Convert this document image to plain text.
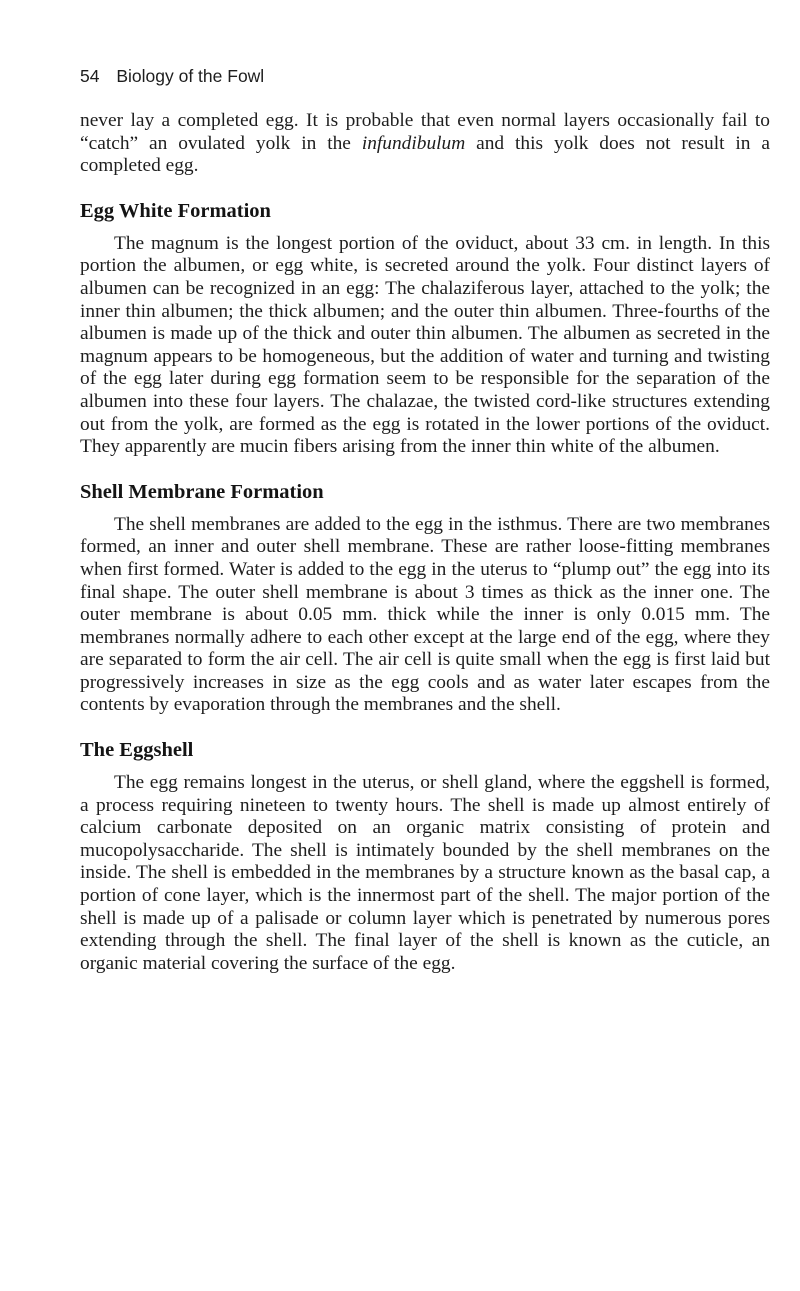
54 Biology of the Fowl

never lay a completed egg. It is probable that even normal layers occasionally fail to “catch” an ovulated yolk in the infundibulum and this yolk does not result in a completed egg.

Egg White Formation

The magnum is the longest portion of the oviduct, about 33 cm. in length. In this portion the albumen, or egg white, is secreted around the yolk. Four distinct layers of albumen can be recognized in an egg: The chalaziferous layer, attached to the yolk; the inner thin albumen; the thick albumen; and the outer thin albumen. Three-fourths of the albumen is made up of the thick and outer thin albumen. The albumen as secreted in the magnum appears to be homogeneous, but the addition of water and turning and twisting of the egg later during egg formation seem to be responsible for the separation of the albumen into these four layers. The chalazae, the twisted cord-like structures extending out from the yolk, are formed as the egg is rotated in the lower portions of the oviduct. They apparently are mucin fibers arising from the inner thin white of the albumen.

Shell Membrane Formation

The shell membranes are added to the egg in the isthmus. There are two membranes formed, an inner and outer shell membrane. These are rather loose-fitting membranes when first formed. Water is added to the egg in the uterus to “plump out” the egg into its final shape. The outer shell membrane is about 3 times as thick as the inner one. The outer membrane is about 0.05 mm. thick while the inner is only 0.015 mm. The membranes normally adhere to each other except at the large end of the egg, where they are separated to form the air cell. The air cell is quite small when the egg is first laid but progressively increases in size as the egg cools and as water later escapes from the contents by evaporation through the membranes and the shell.

The Eggshell

The egg remains longest in the uterus, or shell gland, where the eggshell is formed, a process requiring nineteen to twenty hours. The shell is made up almost entirely of calcium carbonate deposited on an organic matrix consisting of protein and mucopolysaccharide. The shell is intimately bounded by the shell membranes on the inside. The shell is embedded in the membranes by a structure known as the basal cap, a portion of cone layer, which is the innermost part of the shell. The major portion of the shell is made up of a palisade or column layer which is penetrated by numerous pores extending through the shell. The final layer of the shell is known as the cuticle, an organic material covering the surface of the egg.
